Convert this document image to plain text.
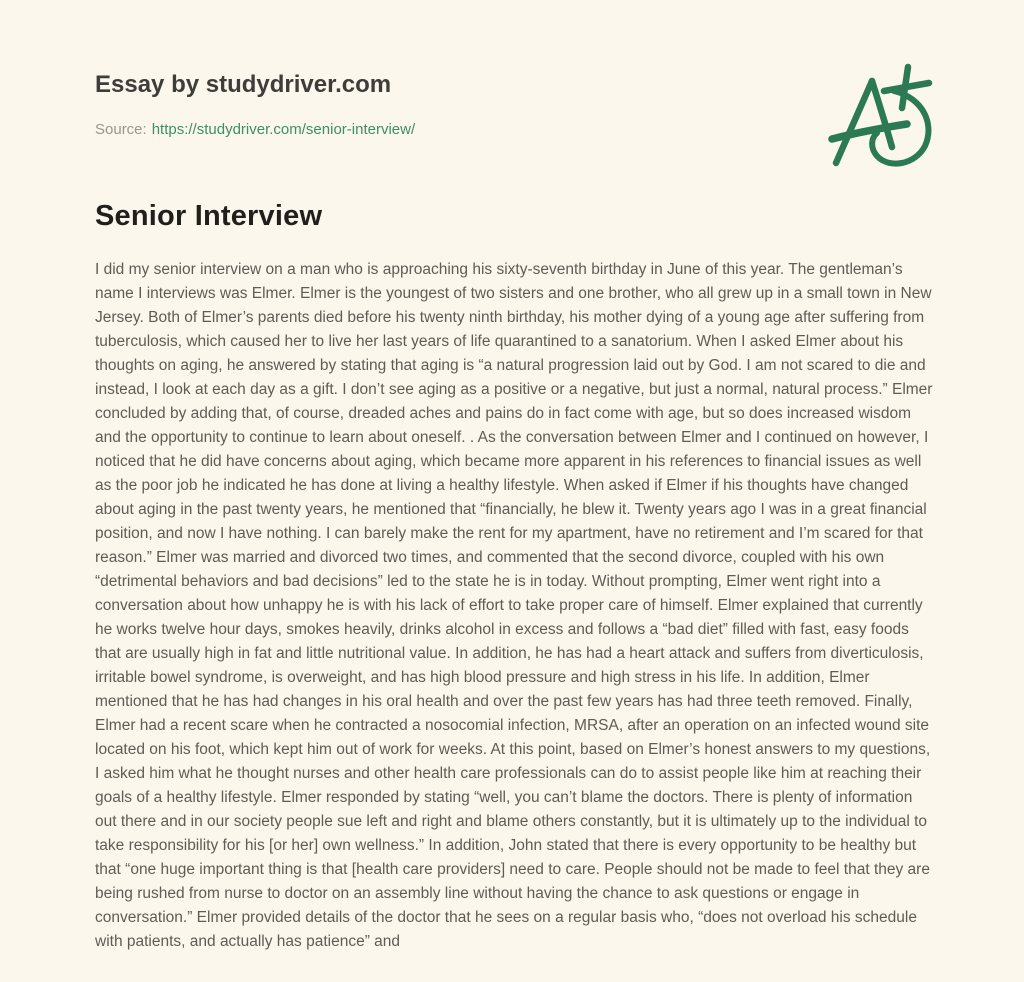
Essay by studydriver.com
Source: https://studydriver.com/senior-interview/
Senior Interview

I did my senior interview on a man who is approaching his sixty-seventh birthday in June of this year. The gentleman’s name I interviews was Elmer. Elmer is the youngest of two sisters and one brother, who all grew up in a small town in New Jersey. Both of Elmer’s parents died before his twenty ninth birthday, his mother dying of a young age after suffering from tuberculosis, which caused her to live her last years of life quarantined to a sanatorium. When I asked Elmer about his thoughts on aging, he answered by stating that aging is “a natural progression laid out by God. I am not scared to die and instead, I look at each day as a gift. I don’t see aging as a positive or a negative, but just a normal, natural process.” Elmer concluded by adding that, of course, dreaded aches and pains do in fact come with age, but so does increased wisdom and the opportunity to continue to learn about oneself. . As the conversation between Elmer and I continued on however, I noticed that he did have concerns about aging, which became more apparent in his references to financial issues as well as the poor job he indicated he has done at living a healthy lifestyle. When asked if Elmer if his thoughts have changed about aging in the past twenty years, he mentioned that “financially, he blew it. Twenty years ago I was in a great financial position, and now I have nothing. I can barely make the rent for my apartment, have no retirement and I’m scared for that reason.” Elmer was married and divorced two times, and commented that the second divorce, coupled with his own “detrimental behaviors and bad decisions” led to the state he is in today. Without prompting, Elmer went right into a conversation about how unhappy he is with his lack of effort to take proper care of himself. Elmer explained that currently he works twelve hour days, smokes heavily, drinks alcohol in excess and follows a “bad diet” filled with fast, easy foods that are usually high in fat and little nutritional value. In addition, he has had a heart attack and suffers from diverticulosis, irritable bowel syndrome, is overweight, and has high blood pressure and high stress in his life. In addition, Elmer mentioned that he has had changes in his oral health and over the past few years has had three teeth removed. Finally, Elmer had a recent scare when he contracted a nosocomial infection, MRSA, after an operation on an infected wound site located on his foot, which kept him out of work for weeks. At this point, based on Elmer’s honest answers to my questions, I asked him what he thought nurses and other health care professionals can do to assist people like him at reaching their goals of a healthy lifestyle. Elmer responded by stating “well, you can’t blame the doctors. There is plenty of information out there and in our society people sue left and right and blame others constantly, but it is ultimately up to the individual to take responsibility for his [or her] own wellness.” In addition, John stated that there is every opportunity to be healthy but that “one huge important thing is that [health care providers] need to care. People should not be made to feel that they are being rushed from nurse to doctor on an assembly line without having the chance to ask questions or engage in conversation.” Elmer provided details of the doctor that he sees on a regular basis who, “does not overload his schedule with patients, and actually has patience” and
